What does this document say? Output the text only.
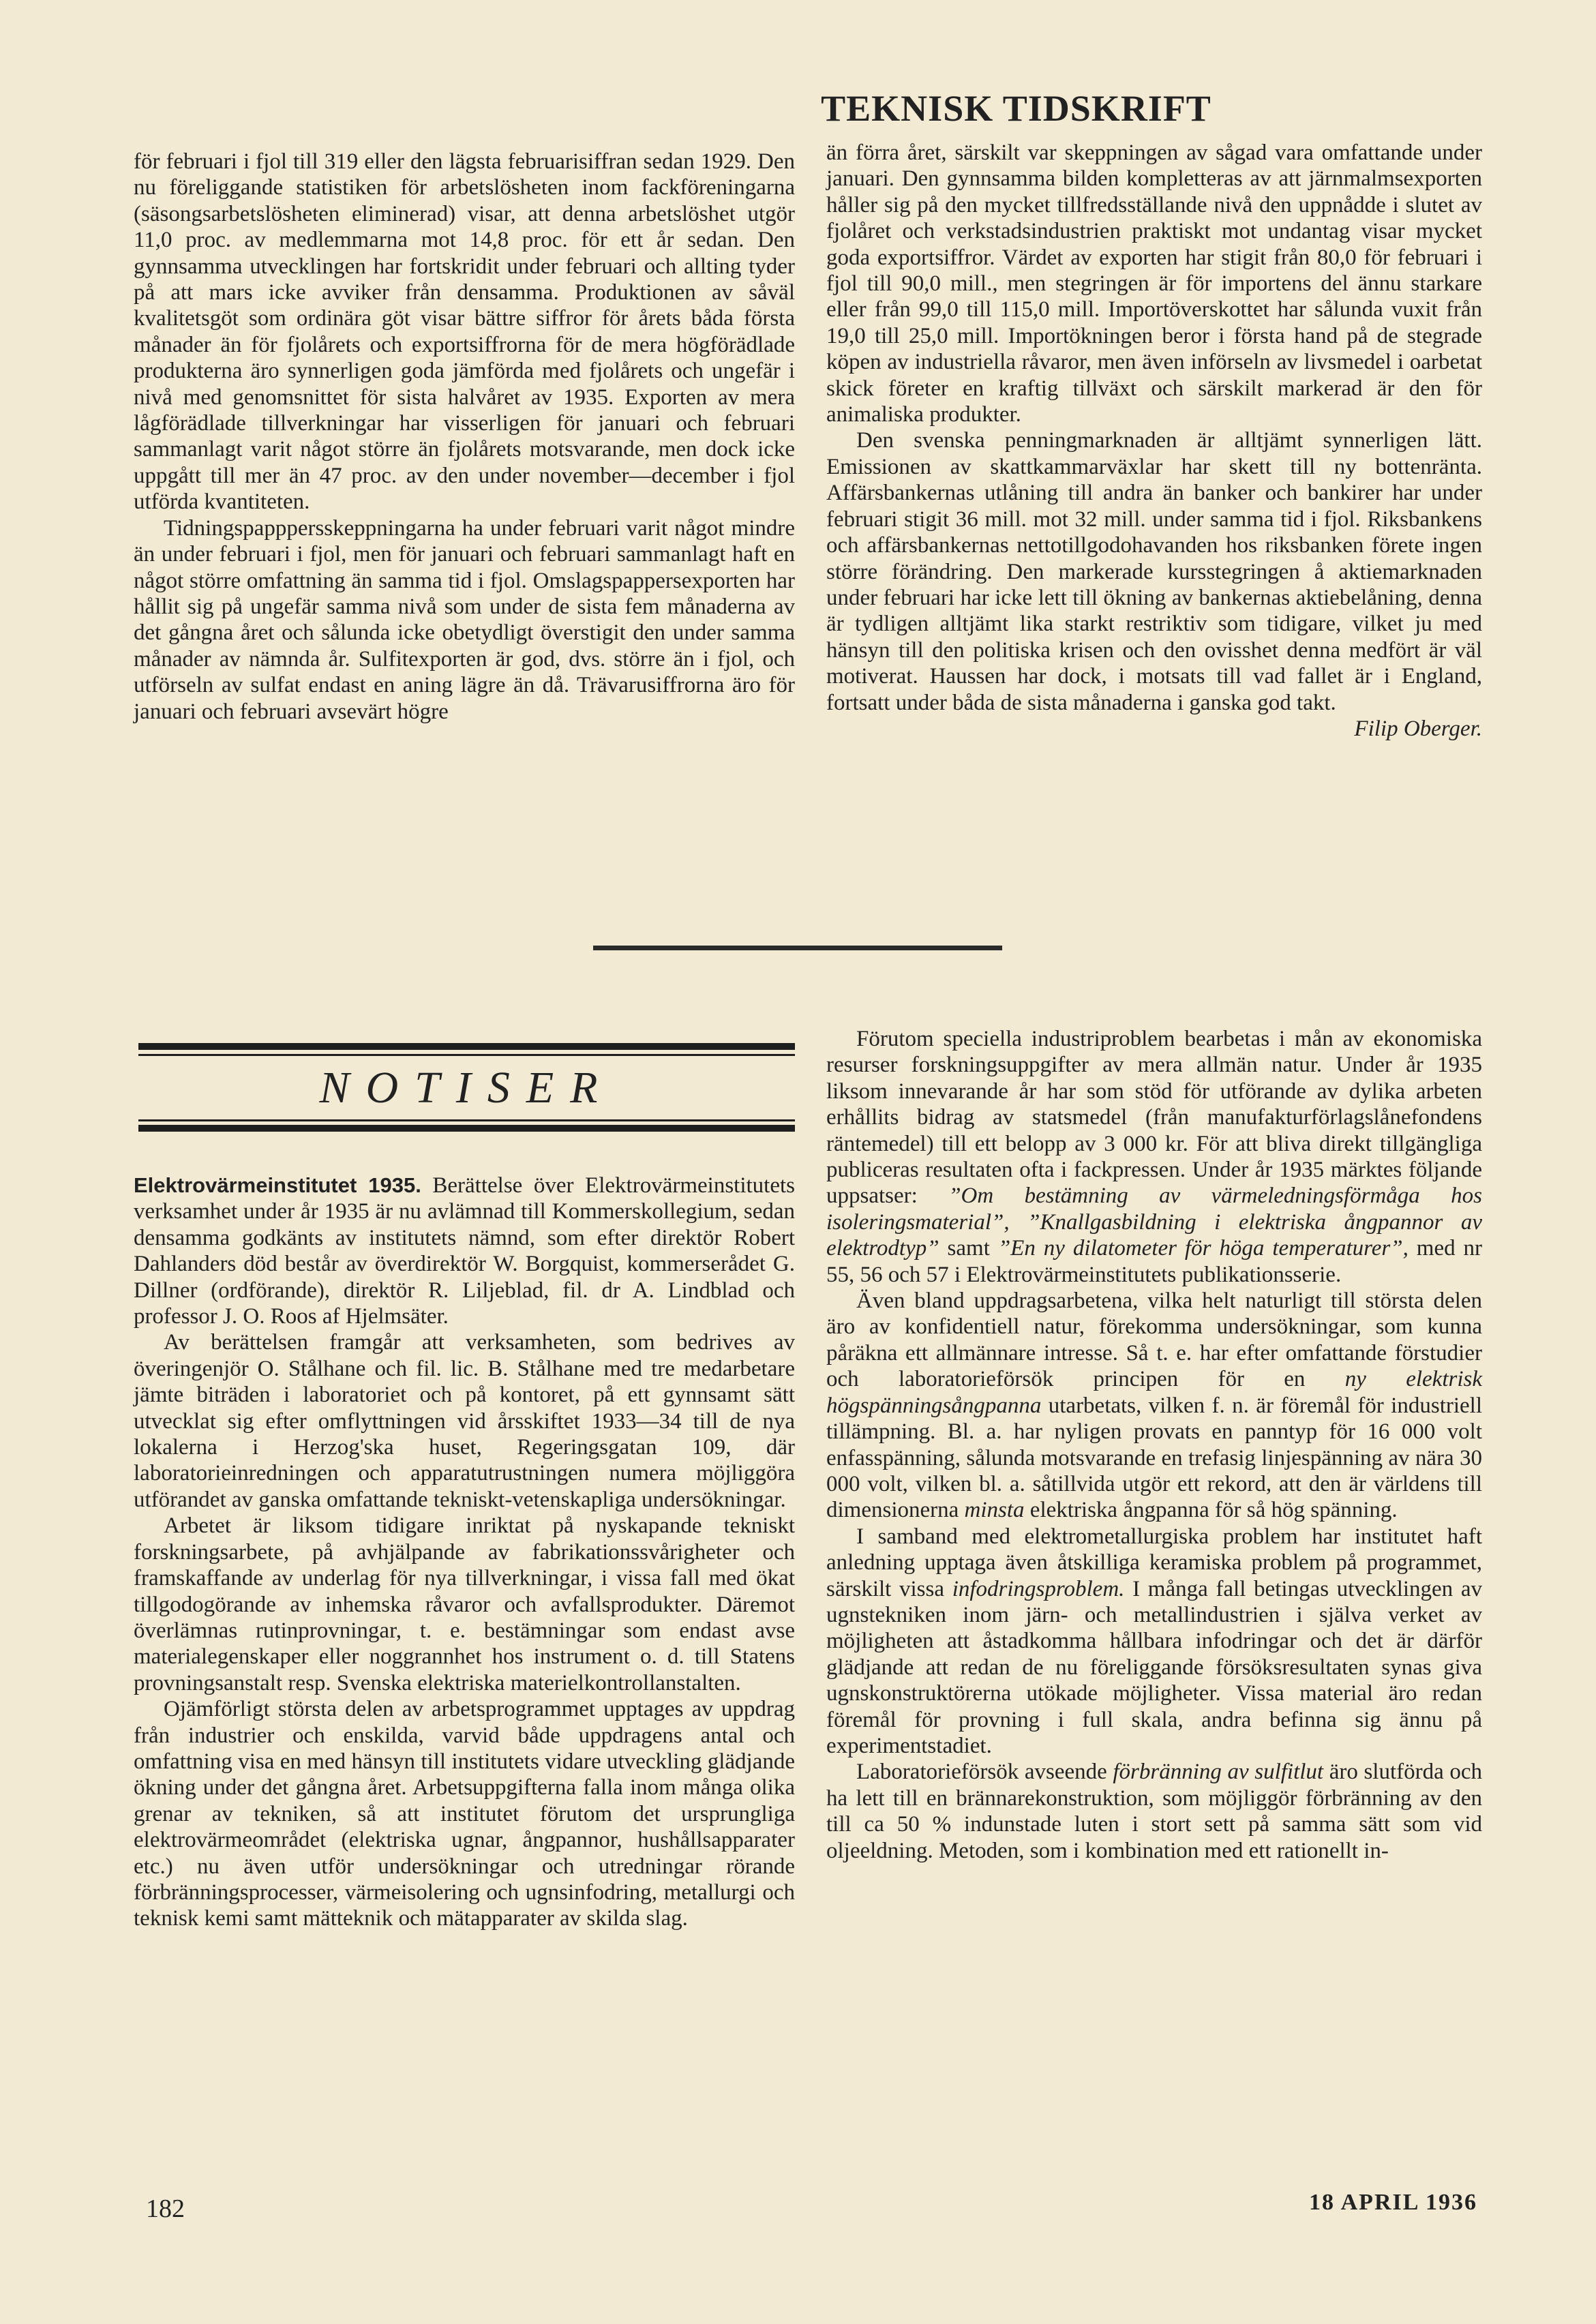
TEKNISK TIDSKRIFT

för februari i fjol till 319 eller den lägsta februarisiffran sedan 1929. Den nu föreliggande statistiken för arbetslösheten inom fackföreningarna (säsongsarbetslösheten eliminerad) visar, att denna arbetslöshet utgör 11,0 proc. av medlemmarna mot 14,8 proc. för ett år sedan. Den gynnsamma utvecklingen har fortskridit under februari och allting tyder på att mars icke avviker från densamma. Produktionen av såväl kvalitetsgöt som ordinära göt visar bättre siffror för årets båda första månader än för fjolårets och exportsiffrorna för de mera högförädlade produkterna äro synnerligen goda jämförda med fjolårets och ungefär i nivå med genomsnittet för sista halvåret av 1935. Exporten av mera lågförädlade tillverkningar har visserligen för januari och februari sammanlagt varit något större än fjolårets motsvarande, men dock icke uppgått till mer än 47 proc. av den under november—december i fjol utförda kvantiteten.

Tidningspapppersskeppningarna ha under februari varit något mindre än under februari i fjol, men för januari och februari sammanlagt haft en något större omfattning än samma tid i fjol. Omslagspappersexporten har hållit sig på ungefär samma nivå som under de sista fem månaderna av det gångna året och sålunda icke obetydligt överstigit den under samma månader av nämnda år. Sulfitexporten är god, dvs. större än i fjol, och utförseln av sulfat endast en aning lägre än då. Trävarusiffrorna äro för januari och februari avsevärt högre

än förra året, särskilt var skeppningen av sågad vara omfattande under januari. Den gynnsamma bilden kompletteras av att järnmalmsexporten håller sig på den mycket tillfredsställande nivå den uppnådde i slutet av fjolåret och verkstadsindustrien praktiskt mot undantag visar mycket goda exportsiffror. Värdet av exporten har stigit från 80,0 för februari i fjol till 90,0 mill., men stegringen är för importens del ännu starkare eller från 99,0 till 115,0 mill. Importöverskottet har sålunda vuxit från 19,0 till 25,0 mill. Importökningen beror i första hand på de stegrade köpen av industriella råvaror, men även införseln av livsmedel i oarbetat skick företer en kraftig tillväxt och särskilt markerad är den för animaliska produkter.

Den svenska penningmarknaden är alltjämt synnerligen lätt. Emissionen av skattkammarväxlar har skett till ny bottenränta. Affärsbankernas utlåning till andra än banker och bankirer har under februari stigit 36 mill. mot 32 mill. under samma tid i fjol. Riksbankens och affärsbankernas nettotillgodohavanden hos riksbanken förete ingen större förändring. Den markerade kursstegringen å aktiemarknaden under februari har icke lett till ökning av bankernas aktiebelåning, denna är tydligen alltjämt lika starkt restriktiv som tidigare, vilket ju med hänsyn till den politiska krisen och den ovisshet denna medfört är väl motiverat. Haussen har dock, i motsats till vad fallet är i England, fortsatt under båda de sista månaderna i ganska god takt.
Filip Oberger.

NOTISER

Elektrovärmeinstitutet 1935. Berättelse över Elektrovärmeinstitutets verksamhet under år 1935 är nu avlämnad till Kommerskollegium, sedan densamma godkänts av institutets nämnd, som efter direktör Robert Dahlanders död består av överdirektör W. Borgquist, kommerserådet G. Dillner (ordförande), direktör R. Liljeblad, fil. dr A. Lindblad och professor J. O. Roos af Hjelmsäter.

Av berättelsen framgår att verksamheten, som bedrives av överingenjör O. Stålhane och fil. lic. B. Stålhane med tre medarbetare jämte biträden i laboratoriet och på kontoret, på ett gynnsamt sätt utvecklat sig efter omflyttningen vid årsskiftet 1933—34 till de nya lokalerna i Herzog'ska huset, Regeringsgatan 109, där laboratorieinredningen och apparatutrustningen numera möjliggöra utförandet av ganska omfattande tekniskt-vetenskapliga undersökningar.

Arbetet är liksom tidigare inriktat på nyskapande tekniskt forskningsarbete, på avhjälpande av fabrikationssvårigheter och framskaffande av underlag för nya tillverkningar, i vissa fall med ökat tillgodogörande av inhemska råvaror och avfallsprodukter. Däremot överlämnas rutinprovningar, t. e. bestämningar som endast avse materialegenskaper eller noggrannhet hos instrument o. d. till Statens provningsanstalt resp. Svenska elektriska materielkontrollanstalten.

Ojämförligt största delen av arbetsprogrammet upptages av uppdrag från industrier och enskilda, varvid både uppdragens antal och omfattning visa en med hänsyn till institutets vidare utveckling glädjande ökning under det gångna året. Arbetsuppgifterna falla inom många olika grenar av tekniken, så att institutet förutom det ursprungliga elektrovärmeområdet (elektriska ugnar, ångpannor, hushållsapparater etc.) nu även utför undersökningar och utredningar rörande förbränningsprocesser, värmeisolering och ugnsinfodring, metallurgi och teknisk kemi samt mätteknik och mätapparater av skilda slag.

Förutom speciella industriproblem bearbetas i mån av ekonomiska resurser forskningsuppgifter av mera allmän natur. Under år 1935 liksom innevarande år har som stöd för utförande av dylika arbeten erhållits bidrag av statsmedel (från manufakturförlagslånefondens räntemedel) till ett belopp av 3 000 kr. För att bliva direkt tillgängliga publiceras resultaten ofta i fackpressen. Under år 1935 märktes följande uppsatser: ”Om bestämning av värmeledningsförmåga hos isoleringsmaterial”, ”Knallgasbildning i elektriska ångpannor av elektrodtyp” samt ”En ny dilatometer för höga temperaturer”, med nr 55, 56 och 57 i Elektrovärmeinstitutets publikationsserie.

Även bland uppdragsarbetena, vilka helt naturligt till största delen äro av konfidentiell natur, förekomma undersökningar, som kunna påräkna ett allmännare intresse. Så t. e. har efter omfattande förstudier och laboratorieförsök principen för en ny elektrisk högspänningsångpanna utarbetats, vilken f. n. är föremål för industriell tillämpning. Bl. a. har nyligen provats en panntyp för 16 000 volt enfasspänning, sålunda motsvarande en trefasig linjespänning av nära 30 000 volt, vilken bl. a. såtillvida utgör ett rekord, att den är världens till dimensionerna minsta elektriska ångpanna för så hög spänning.

I samband med elektrometallurgiska problem har institutet haft anledning upptaga även åtskilliga keramiska problem på programmet, särskilt vissa infodringsproblem. I många fall betingas utvecklingen av ugnstekniken inom järn- och metallindustrien i själva verket av möjligheten att åstadkomma hållbara infodringar och det är därför glädjande att redan de nu föreliggande försöksresultaten synas giva ugnskonstruktörerna utökade möjligheter. Vissa material äro redan föremål för provning i full skala, andra befinna sig ännu på experimentstadiet.

Laboratorieförsök avseende förbränning av sulfitlut äro slutförda och ha lett till en brännarekonstruktion, som möjliggör förbränning av den till ca 50 % indunstade luten i stort sett på samma sätt som vid oljeeldning. Metoden, som i kombination med ett rationellt in-

182	18 APRIL 1936
